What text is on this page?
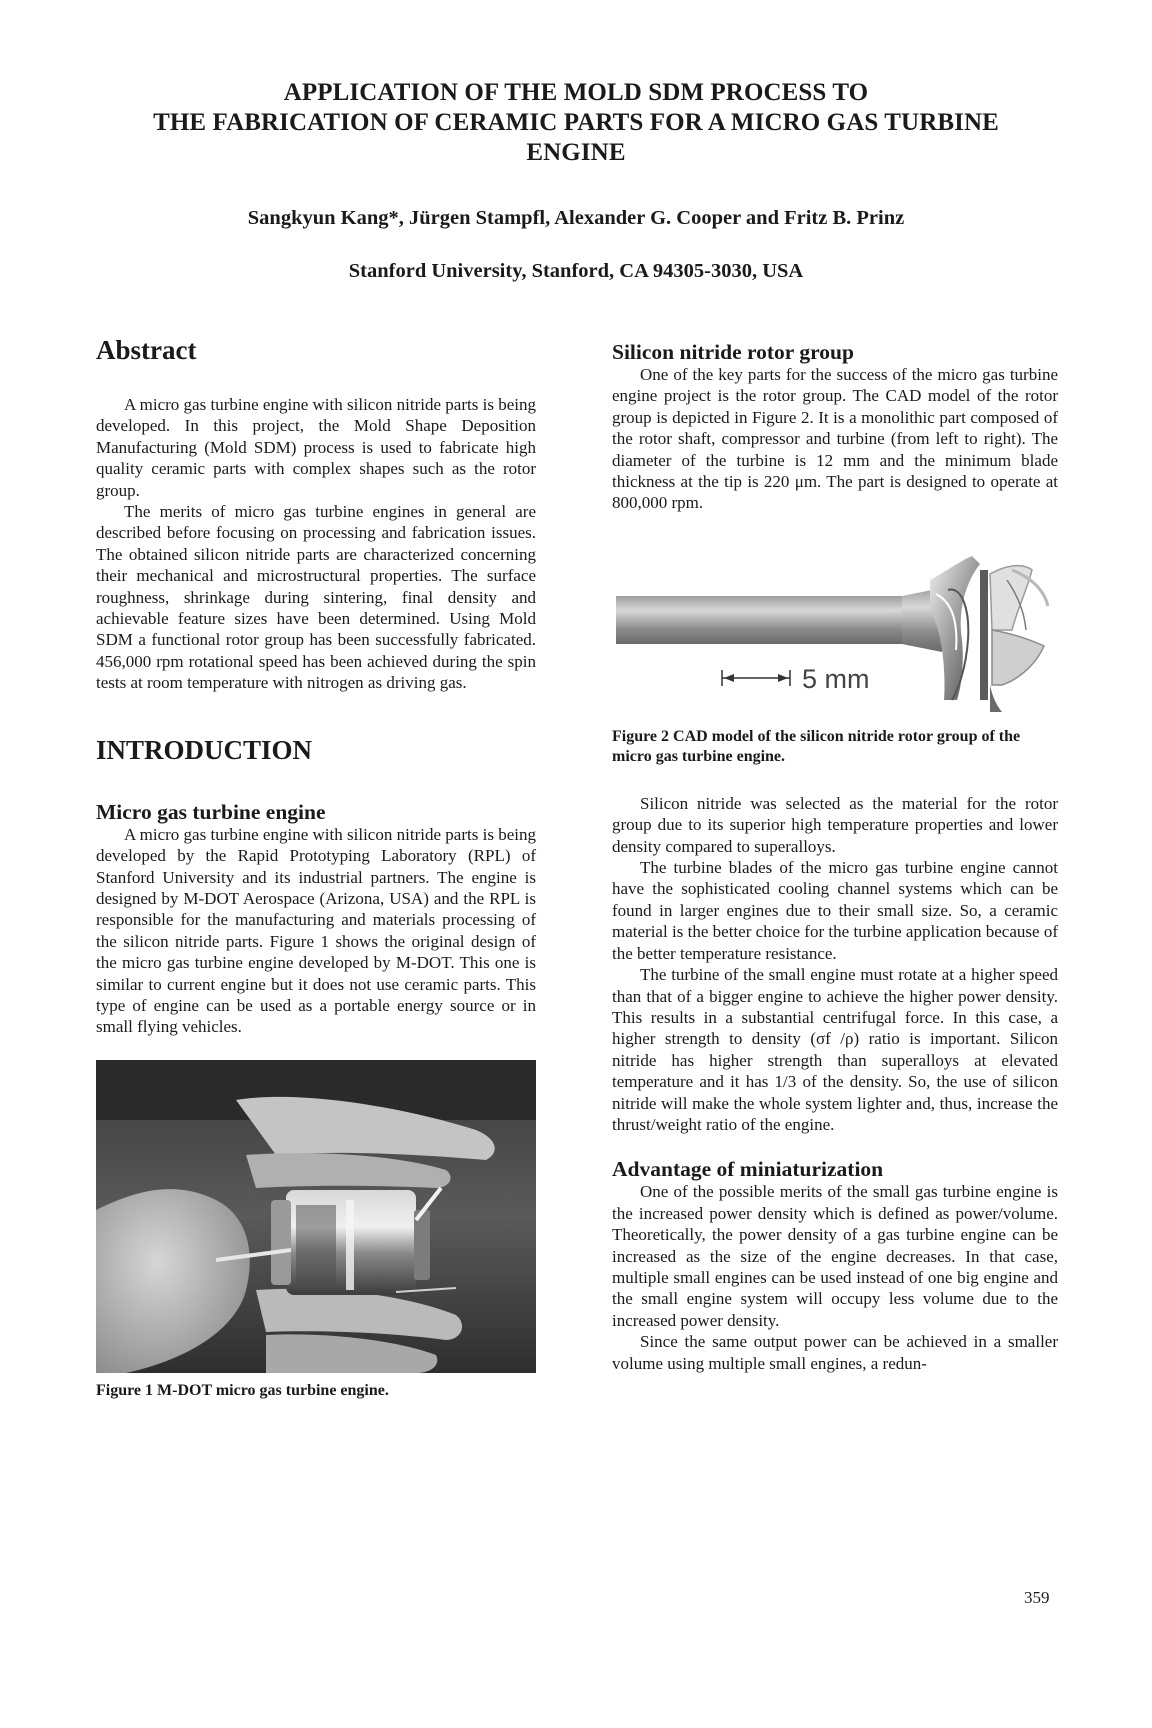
APPLICATION OF THE MOLD SDM PROCESS TO
THE FABRICATION OF CERAMIC PARTS FOR A MICRO GAS TURBINE
ENGINE

Sangkyun Kang*, Jürgen Stampfl, Alexander G. Cooper and Fritz B. Prinz

Stanford University, Stanford, CA 94305-3030, USA

Abstract

A micro gas turbine engine with silicon nitride parts is being developed. In this project, the Mold Shape Deposition Manufacturing (Mold SDM) process is used to fabricate high quality ceramic parts with complex shapes such as the rotor group.

The merits of micro gas turbine engines in general are described before focusing on processing and fabrication issues. The obtained silicon nitride parts are characterized concerning their mechanical and microstructural properties. The surface roughness, shrinkage during sintering, final density and achievable feature sizes have been determined. Using Mold SDM a functional rotor group has been successfully fabricated. 456,000 rpm rotational speed has been achieved during the spin tests at room temperature with nitrogen as driving gas.

INTRODUCTION
Micro gas turbine engine

A micro gas turbine engine with silicon nitride parts is being developed by the Rapid Prototyping Laboratory (RPL) of Stanford University and its industrial partners. The engine is designed by M-DOT Aerospace (Arizona, USA) and the RPL is responsible for the manufacturing and materials processing of the silicon nitride parts. Figure 1 shows the original design of the micro gas turbine engine developed by M-DOT. This one is similar to current engine but it does not use ceramic parts. This type of engine can be used as a portable energy source or in small flying vehicles.

Figure 1 M-DOT micro gas turbine engine.

Silicon nitride rotor group

One of the key parts for the success of the micro gas turbine engine project is the rotor group. The CAD model of the rotor group is depicted in Figure 2. It is a monolithic part composed of the rotor shaft, compressor and turbine (from left to right). The diameter of the turbine is 12 mm and the minimum blade thickness at the tip is 220 μm. The part is designed to operate at 800,000 rpm.

5 mm

Figure 2 CAD model of the silicon nitride rotor group of the micro gas turbine engine.

Silicon nitride was selected as the material for the rotor group due to its superior high temperature properties and lower density compared to superalloys.

The turbine blades of the micro gas turbine engine cannot have the sophisticated cooling channel systems which can be found in larger engines due to their small size. So, a ceramic material is the better choice for the turbine application because of the better temperature resistance.

The turbine of the small engine must rotate at a higher speed than that of a bigger engine to achieve the higher power density. This results in a substantial centrifugal force. In this case, a higher strength to density (σf /ρ) ratio is important. Silicon nitride has higher strength than superalloys at elevated temperature and it has 1/3 of the density. So, the use of silicon nitride will make the whole system lighter and, thus, increase the thrust/weight ratio of the engine.

Advantage of miniaturization

One of the possible merits of the small gas turbine engine is the increased power density which is defined as power/volume. Theoretically, the power density of a gas turbine engine can be increased as the size of the engine decreases. In that case, multiple small engines can be used instead of one big engine and the small engine system will occupy less volume due to the increased power density.

Since the same output power can be achieved in a smaller volume using multiple small engines, a redun-

359
